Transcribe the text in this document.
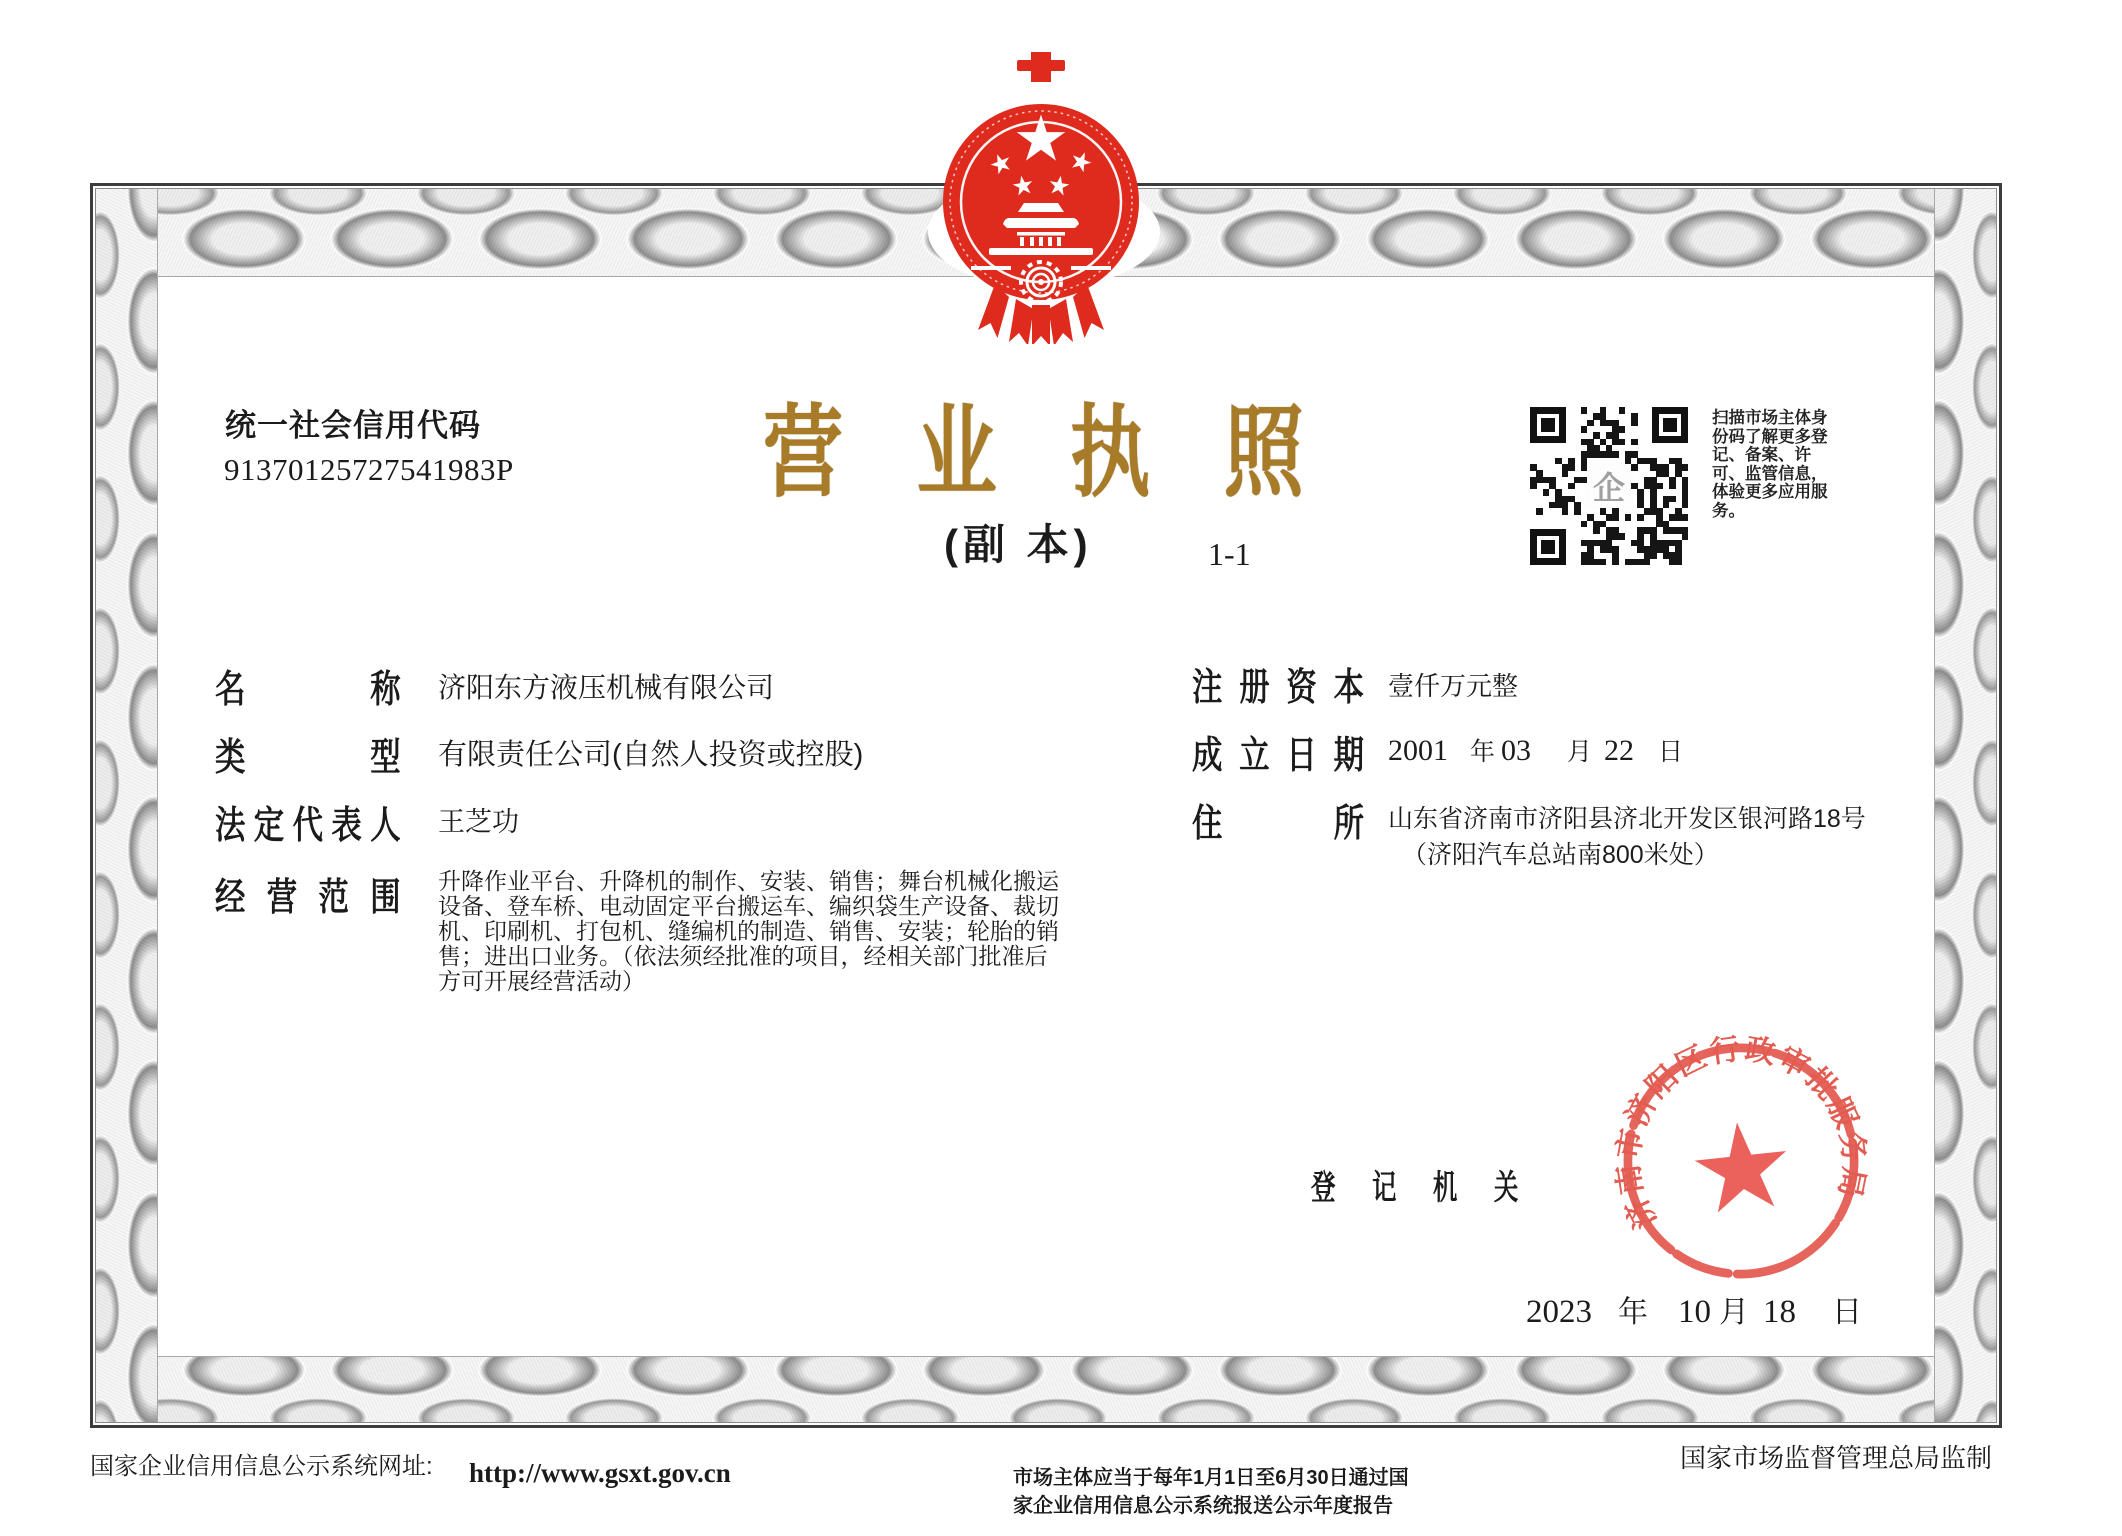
统一社会信用代码
91370125727541983P 营业执照
(副 本)	1-1
企
扫描市场主体身
份码了解更多登
记、备案、许
可、监管信息，
体验更多应用服
务。
名称 济阳东方液压机械有限公司
类型 有限责任公司(自然人投资或控股)
法定代表人 王芝功
经营范围 升降作业平台、升降机的制作、安装、销售；舞台机械化搬运
设备、登车桥、电动固定平台搬运车、编织袋生产设备、裁切
机、印刷机、打包机、缝编机的制造、销售、安装；轮胎的销
售；进出口业务。（依法须经批准的项目，经相关部门批准后
方可开展经营活动）
注册资本 壹仟万元整
成立日期 2001 年 03 月 22 日
住所 山东省济南市济阳县济北开发区银河路18号
（济阳汽车总站南800米处）
登记机关
济南市济阳区行政审批服务局
2023 年 10 月 18 日
国家企业信用信息公示系统网址: http://www.gsxt.gov.cn	市场主体应当于每年1月1日至6月30日通过国
家企业信用信息公示系统报送公示年度报告
国家市场监督管理总局监制
